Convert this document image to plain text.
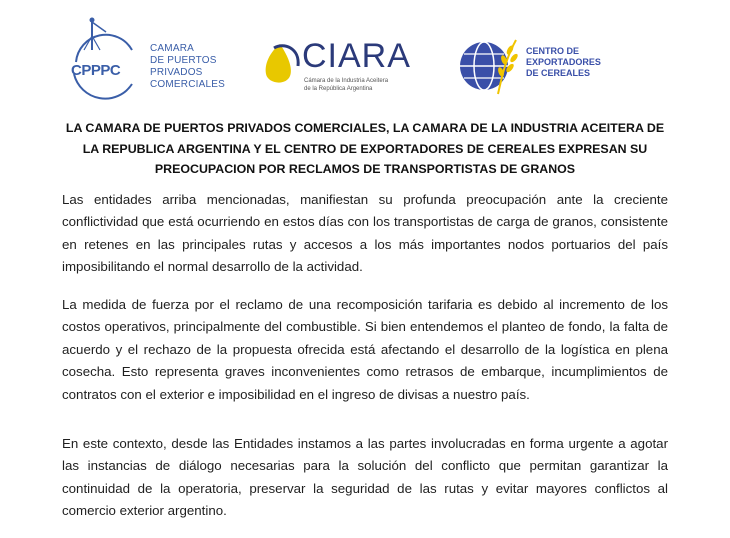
CPPPC
CAMARA
DE PUERTOS
PRIVADOS
COMERCIALES
CIARA
Cámara de la Industria Aceitera
de la República Argentina
CENTRO DE
EXPORTADORES
DE CEREALES
LA CAMARA DE PUERTOS PRIVADOS COMERCIALES, LA CAMARA DE LA INDUSTRIA ACEITERA DE LA REPUBLICA ARGENTINA Y EL CENTRO DE EXPORTADORES DE CEREALES EXPRESAN SU PREOCUPACION POR RECLAMOS DE TRANSPORTISTAS DE GRANOS

Las entidades arriba mencionadas, manifiestan su profunda preocupación ante la creciente conflictividad que está ocurriendo en estos días con los transportistas de carga de granos, consistente en retenes en las principales rutas y accesos a los más importantes nodos portuarios del país imposibilitando el normal desarrollo de la actividad.

La medida de fuerza por el reclamo de una recomposición tarifaria es debido al incremento de los costos operativos, principalmente del combustible. Si bien entendemos el planteo de fondo, la falta de acuerdo y el rechazo de la propuesta ofrecida está afectando el desarrollo de la logística en plena cosecha. Esto representa graves inconvenientes como retrasos de embarque, incumplimientos de contratos con el exterior e imposibilidad en el ingreso de divisas a nuestro país.

En este contexto, desde las Entidades instamos a las partes involucradas en forma urgente a agotar las instancias de diálogo necesarias para la solución del conflicto que permitan garantizar la continuidad de la operatoria, preservar la seguridad de las rutas y evitar mayores conflictos al comercio exterior argentino.
